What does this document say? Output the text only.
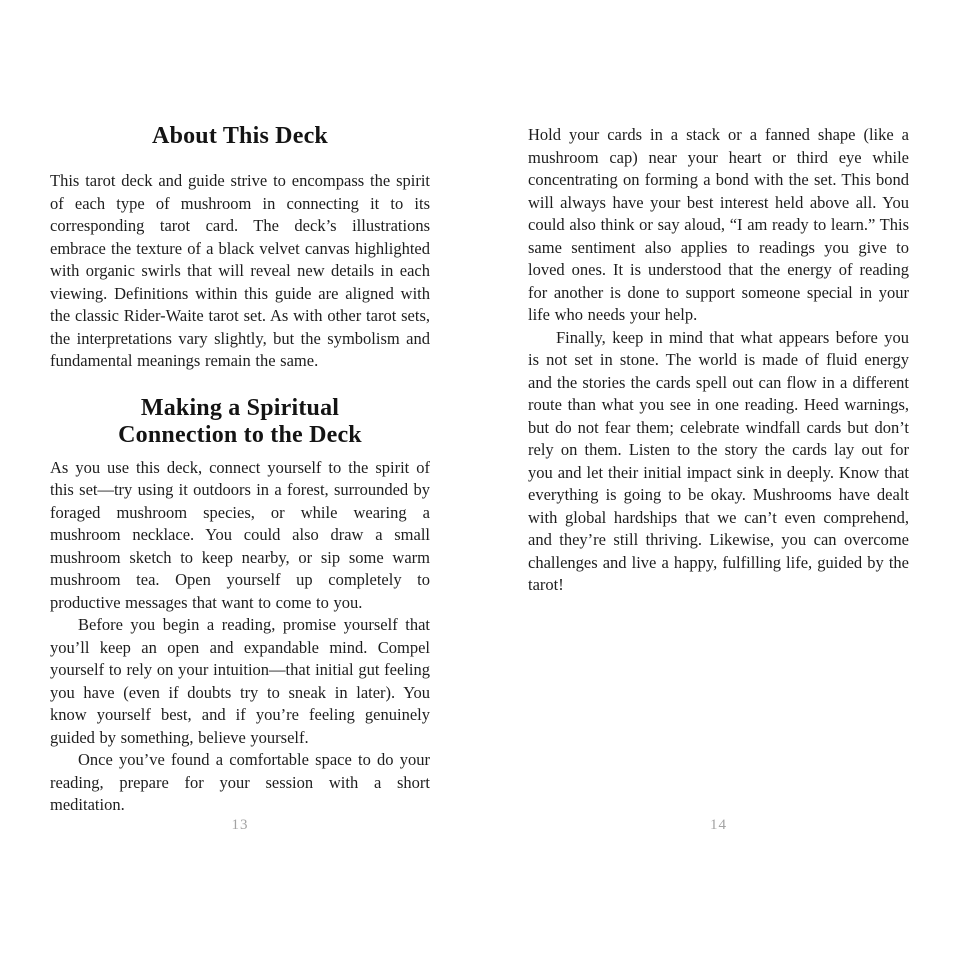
About This Deck

This tarot deck and guide strive to encompass the spirit of each type of mushroom in connecting it to its corresponding tarot card. The deck’s illustrations embrace the texture of a black velvet canvas highlighted with organic swirls that will reveal new details in each viewing. Definitions within this guide are aligned with the classic Rider-Waite tarot set. As with other tarot sets, the interpretations vary slightly, but the symbolism and fundamental meanings remain the same.

Making a Spiritual
Connection to the Deck

As you use this deck, connect yourself to the spirit of this set—try using it outdoors in a forest, surrounded by foraged mushroom species, or while wearing a mushroom necklace. You could also draw a small mushroom sketch to keep nearby, or sip some warm mushroom tea. Open yourself up completely to productive messages that want to come to you.

Before you begin a reading, promise yourself that you’ll keep an open and expandable mind. Compel yourself to rely on your intuition—that initial gut feeling you have (even if doubts try to sneak in later). You know yourself best, and if you’re feeling genuinely guided by something, believe yourself.

Once you’ve found a comfortable space to do your reading, prepare for your session with a short meditation.

13

Hold your cards in a stack or a fanned shape (like a mushroom cap) near your heart or third eye while concentrating on forming a bond with the set. This bond will always have your best interest held above all. You could also think or say aloud, “I am ready to learn.” This same sentiment also applies to readings you give to loved ones. It is understood that the energy of reading for another is done to support someone special in your life who needs your help.

Finally, keep in mind that what appears before you is not set in stone. The world is made of fluid energy and the stories the cards spell out can flow in a different route than what you see in one reading. Heed warnings, but do not fear them; celebrate windfall cards but don’t rely on them. Listen to the story the cards lay out for you and let their initial impact sink in deeply. Know that everything is going to be okay. Mushrooms have dealt with global hardships that we can’t even comprehend, and they’re still thriving. Likewise, you can overcome challenges and live a happy, fulfilling life, guided by the tarot!

14
